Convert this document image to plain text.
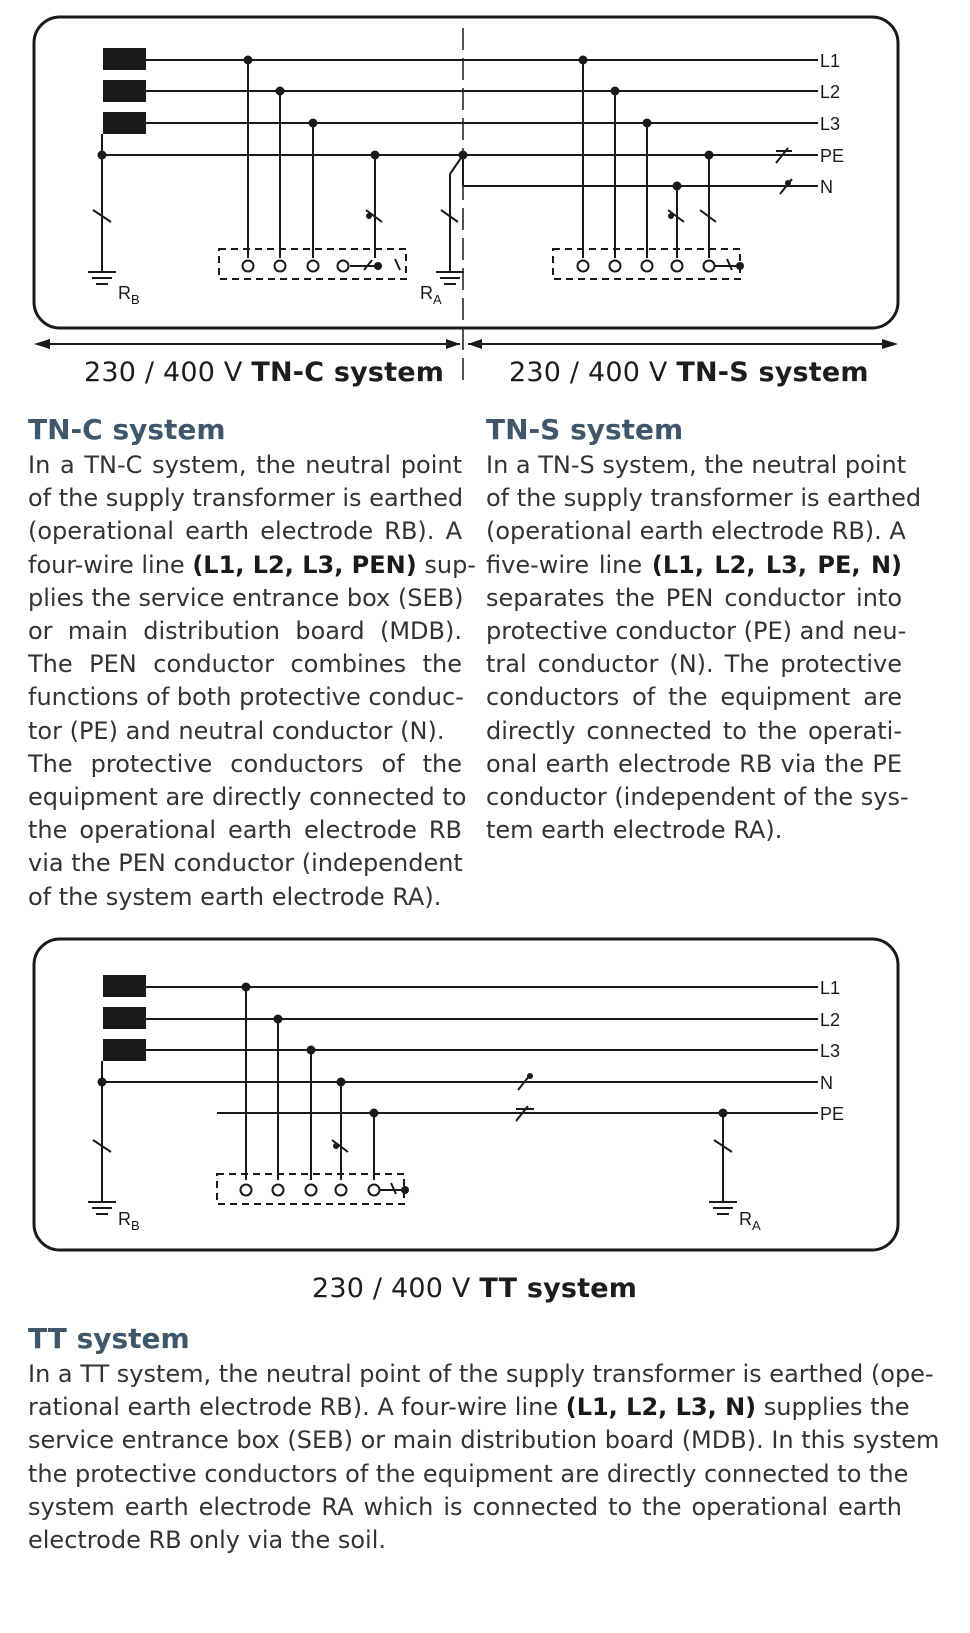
L1
L2
L3
PE
N
$R_B$	$R_A$
230 / 400 V TN-C system 230 / 400 V TN-S system
TN-C system
In a TN-C system, the neutral point
of the supply transformer is earthed
(operational earth electrode RB). A
four-wire line (L1, L2, L3, PEN) sup-
plies the service entrance box (SEB)
or main distribution board (MDB).
The PEN conductor combines the
functions of both protective conduc-
tor (PE) and neutral conductor (N).
The protective conductors of the
equipment are directly connected to
the operational earth electrode RB
via the PEN conductor (independent
of the system earth electrode RA).
TN-S system
In a TN-S system, the neutral point
of the supply transformer is earthed
(operational earth electrode RB). A
five-wire line (L1, L2, L3, PE, N)
separates the PEN conductor into
protective conductor (PE) and neu-
tral conductor (N). The protective
conductors of the equipment are
directly connected to the operati-
onal earth electrode RB via the PE
conductor (independent of the sys-
tem earth electrode RA).
L1
L2
L3
N
PE
$R_B$	$R_A$
230 / 400 V TT system
TT system
In a TT system, the neutral point of the supply transformer is earthed (ope-
rational earth electrode RB). A four-wire line (L1, L2, L3, N) supplies the
service entrance box (SEB) or main distribution board (MDB). In this system
the protective conductors of the equipment are directly connected to the
system earth electrode RA which is connected to the operational earth
electrode RB only via the soil.
